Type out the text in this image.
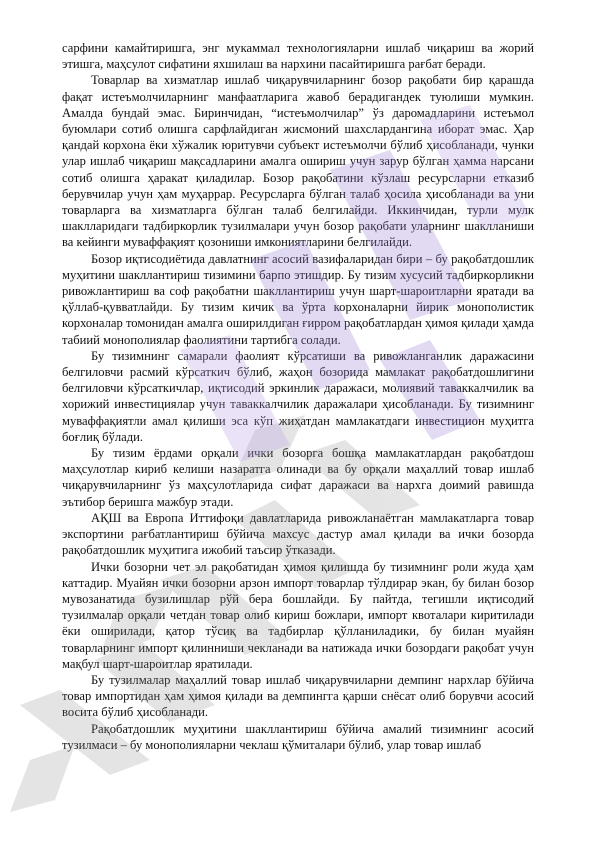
сарфини камайтиришга, энг мукаммал технологияларни ишлаб чиқариш ва жорий этишга, маҳсулот сифатини яхшилаш ва нархини пасайтиришга рағбат беради.

Товарлар ва хизматлар ишлаб чиқарувчиларнинг бозор рақобати бир қарашда фақат истеъмолчиларнинг манфаатларига жавоб берадигандек туюлиши мумкин. Амалда бундай эмас. Биринчидан, “истеъмолчилар” ўз даромадларини истеъмол буюмлари сотиб олишга сарфлайдиган жисмоний шахслардангина иборат эмас. Ҳар қандай корхона ёки хўжалик юритувчи субъект истеъмолчи бўлиб ҳисобланади, чунки улар ишлаб чиқариш мақсадларини амалга ошириш учун зарур бўлган ҳамма нарсани сотиб олишга ҳаракат қиладилар. Бозор рақобатини кўзлаш ресурсларни етказиб берувчилар учун ҳам муҳаррар. Ресурсларга бўлган талаб ҳосила ҳисобланади ва уни товарларга ва хизматларга бўлган талаб белгилайди. Иккинчидан, турли мулк шаклларидаги тадбиркорлик тузилмалари учун бозор рақобати уларнинг шаклланиши ва кейинги муваффақият қозониши имкониятларини белгилайди.

Бозор иқтисодиётида давлатнинг асосий вазифаларидан бири – бу рақобатдошлик муҳитини шакллантириш тизимини барпо этишдир. Бу тизим хусусий тадбиркорликни ривожлантириш ва соф рақобатни шакллантириш учун шарт-шароитларни яратади ва қўллаб-қувватлайди. Бу тизим кичик ва ўрта корхоналарни йирик монополистик корхоналар томонидан амалга оширилдиган ғирром рақобатлардан ҳимоя қилади ҳамда табиий монополиялар фаолиятини тартибга солади.

Бу тизимнинг самарали фаолият кўрсатиши ва ривожланганлик даражасини белгиловчи расмий кўрсаткич бўлиб, жаҳон бозорида мамлакат рақобатдошлигини белгиловчи кўрсаткичлар, иқтисодий эркинлик даражаси, молиявий таваккалчилик ва хорижий инвестициялар учун таваккалчилик даражалари ҳисобланади. Бу тизимнинг муваффақиятли амал қилиши эса кўп жиҳатдан мамлакатдаги инвестицион муҳитга боғлиқ бўлади.

Бу тизим ёрдами орқали ички бозорга бошқа мамлакатлардан рақобатдош маҳсулотлар кириб келиши назаратга олинади ва бу орқали маҳаллий товар ишлаб чиқарувчиларнинг ўз маҳсулотларида сифат даражаси ва нархга доимий равишда эътибор беришга мажбур этади.

АҚШ ва Европа Иттифоқи давлатларида ривожланаётган мамлакатларга товар экспортини рағбатлантириш бўйича махсус дастур амал қилади ва ички бозорда рақобатдошлик муҳитига ижобий таъсир ўтказади.

Ички бозорни чет эл рақобатидан ҳимоя қилишда бу тизимнинг роли жуда ҳам каттадир. Муайян ички бозорни арзон импорт товарлар тўлдирар экан, бу билан бозор мувозанатида бузилишлар рўй бера бошлайди. Бу пайтда, тегишли иқтисодий тузилмалар орқали четдан товар олиб кириш божлари, импорт квоталари киритилади ёки оширилади, қатор тўсиқ ва тадбирлар қўлланиладики, бу билан муайян товарларнинг импорт қилинниши чекланади ва натижада ички бозордаги рақобат учун мақбул шарт-шароитлар яратилади.

Бу тузилмалар маҳаллий товар ишлаб чиқарувчиларни демпинг нархлар бўйича товар импортидан ҳам ҳимоя қилади ва демпингга қарши снёсат олиб борувчи асосий восита бўлиб ҳисобланади.

Рақобатдошлик муҳитини шакллантириш бўйича амалий тизимнинг асосий тузилмаси – бу монополияларни чеклаш қўмиталари бўлиб, улар товар ишлаб
